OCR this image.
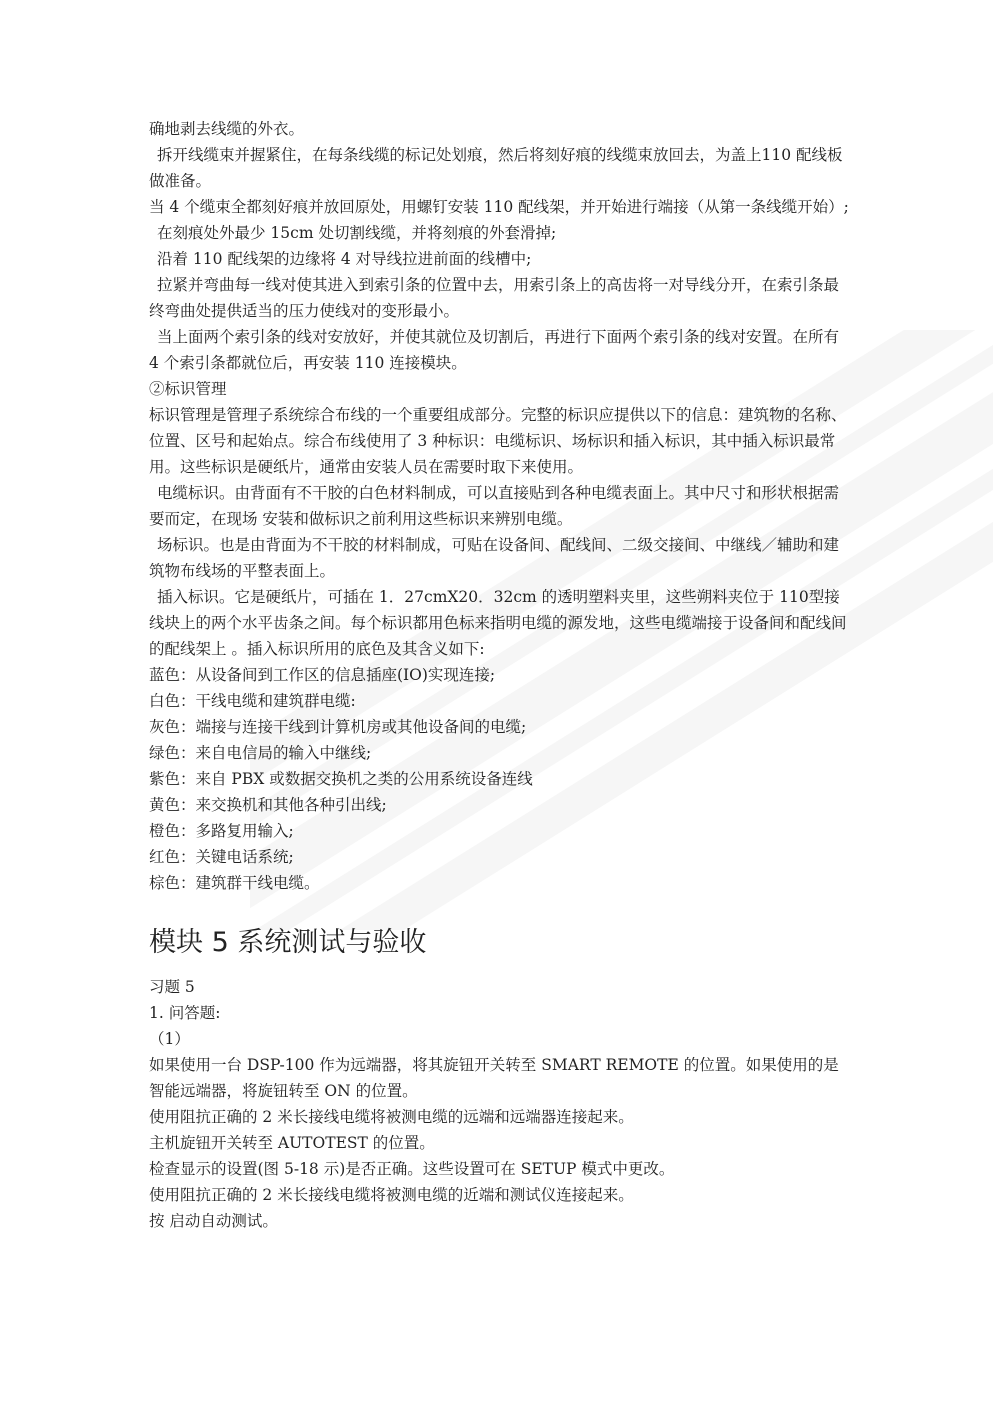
确地剥去线缆的外衣。

拆开线缆束并握紧住，在每条线缆的标记处划痕，然后将刻好痕的线缆束放回去，为盖上110 配线板做准备。

当 4 个缆束全都刻好痕并放回原处，用螺钉安装 110 配线架，并开始进行端接（从第一条线缆开始）;

在刻痕处外最少 15cm 处切割线缆，并将刻痕的外套滑掉;

沿着 110 配线架的边缘将 4 对导线拉进前面的线槽中;

拉紧并弯曲每一线对使其进入到索引条的位置中去，用索引条上的高齿将一对导线分开，在索引条最终弯曲处提供适当的压力使线对的变形最小。

当上面两个索引条的线对安放好，并使其就位及切割后，再进行下面两个索引条的线对安置。在所有 4 个索引条都就位后，再安装 110 连接模块。

②标识管理

标识管理是管理子系统综合布线的一个重要组成部分。完整的标识应提供以下的信息：建筑物的名称、位置、区号和起始点。综合布线使用了 3 种标识：电缆标识、场标识和插入标识，其中插入标识最常用。这些标识是硬纸片，通常由安装人员在需要时取下来使用。

电缆标识。由背面有不干胶的白色材料制成，可以直接贴到各种电缆表面上。其中尺寸和形状根据需要而定，在现场 安装和做标识之前利用这些标识来辨别电缆。

场标识。也是由背面为不干胶的材料制成，可贴在设备间、配线间、二级交接间、中继线／辅助和建筑物布线场的平整表面上。

插入标识。它是硬纸片，可插在 1．27cmX20．32cm 的透明塑料夹里，这些朔料夹位于 110型接线块上的两个水平齿条之间。每个标识都用色标来指明电缆的源发地，这些电缆端接于设备间和配线间的配线架上 。插入标识所用的底色及其含义如下:

蓝色：从设备间到工作区的信息插座(IO)实现连接;

白色：干线电缆和建筑群电缆:

灰色：端接与连接干线到计算机房或其他设备间的电缆;

绿色：来自电信局的输入中继线;

紫色：来自 PBX 或数据交换机之类的公用系统设备连线

黄色：来交换机和其他各种引出线;

橙色：多路复用输入;

红色：关键电话系统;

棕色：建筑群干线电缆。

模块 5 系统测试与验收

习题 5

1. 问答题:

（1）

如果使用一台 DSP-100 作为远端器，将其旋钮开关转至 SMART REMOTE 的位置。如果使用的是智能远端器，将旋钮转至 ON 的位置。

使用阻抗正确的 2 米长接线电缆将被测电缆的远端和远端器连接起来。

主机旋钮开关转至 AUTOTEST 的位置。

检查显示的设置(图 5-18 示)是否正确。这些设置可在 SETUP 模式中更改。

使用阻抗正确的 2 米长接线电缆将被测电缆的近端和测试仪连接起来。

按 启动自动测试。
